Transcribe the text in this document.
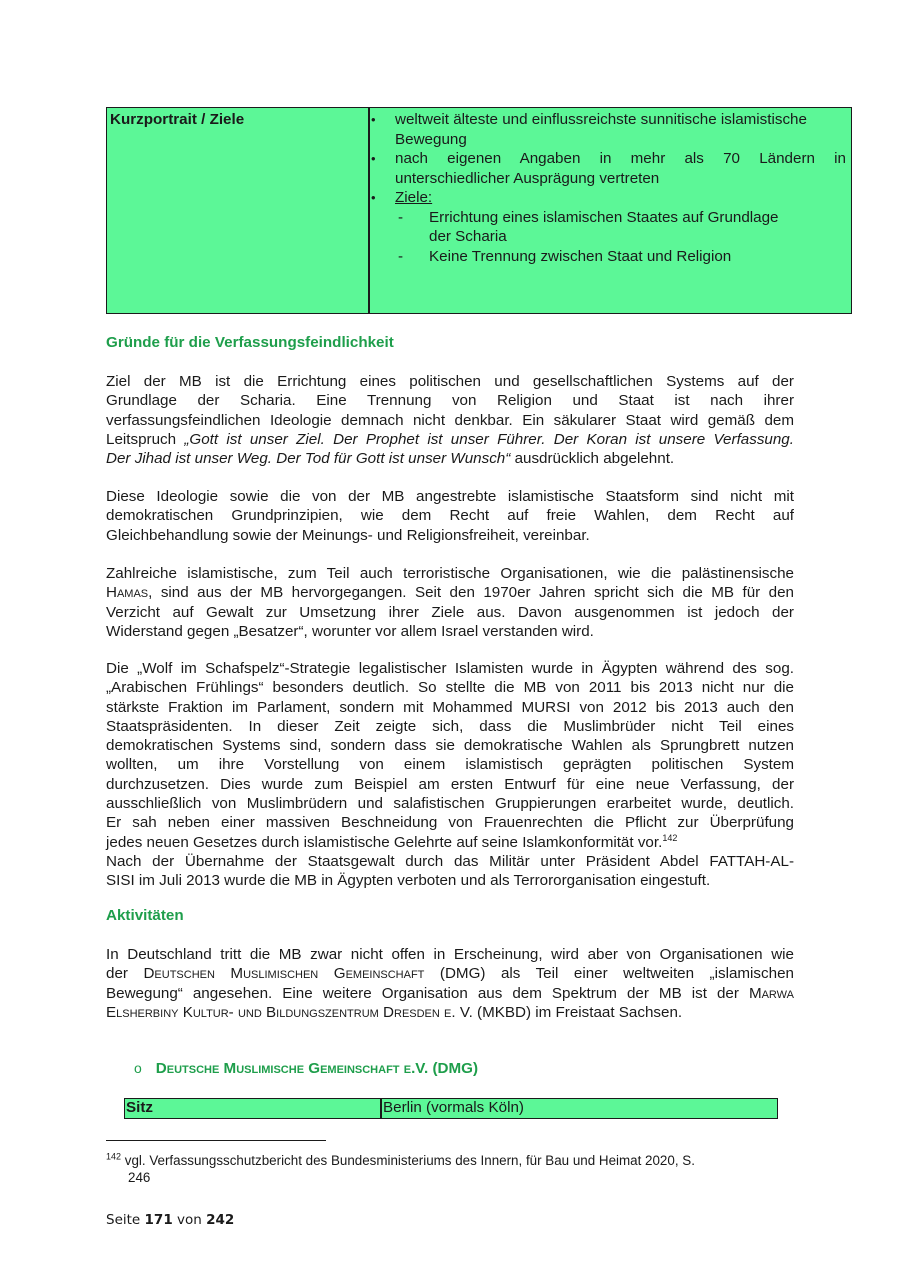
Kurzportrait / Ziele	• weltweit älteste und einflussreichste sunnitische islamistische
Bewegung
• nach eigenen Angaben in mehr als 70 Ländern in
unterschiedlicher Ausprägung vertreten
• Ziele:
- Errichtung eines islamischen Staates auf Grundlage
der Scharia
- Keine Trennung zwischen Staat und Religion
Gründe für die Verfassungsfeindlichkeit
Ziel der MB ist die Errichtung eines politischen und gesellschaftlichen Systems auf der
Grundlage der Scharia. Eine Trennung von Religion und Staat ist nach ihrer
verfassungsfeindlichen Ideologie demnach nicht denkbar. Ein säkularer Staat wird gemäß dem
Leitspruch „Gott ist unser Ziel. Der Prophet ist unser Führer. Der Koran ist unsere Verfassung.
Der Jihad ist unser Weg. Der Tod für Gott ist unser Wunsch“ ausdrücklich abgelehnt.
Diese Ideologie sowie die von der MB angestrebte islamistische Staatsform sind nicht mit
demokratischen Grundprinzipien, wie dem Recht auf freie Wahlen, dem Recht auf
Gleichbehandlung sowie der Meinungs- und Religionsfreiheit, vereinbar.
Zahlreiche islamistische, zum Teil auch terroristische Organisationen, wie die palästinensische
Hamas, sind aus der MB hervorgegangen. Seit den 1970er Jahren spricht sich die MB für den
Verzicht auf Gewalt zur Umsetzung ihrer Ziele aus. Davon ausgenommen ist jedoch der
Widerstand gegen „Besatzer“, worunter vor allem Israel verstanden wird.
Die „Wolf im Schafspelz“-Strategie legalistischer Islamisten wurde in Ägypten während des sog.
„Arabischen Frühlings“ besonders deutlich. So stellte die MB von 2011 bis 2013 nicht nur die
stärkste Fraktion im Parlament, sondern mit Mohammed MURSI von 2012 bis 2013 auch den
Staatspräsidenten. In dieser Zeit zeigte sich, dass die Muslimbrüder nicht Teil eines
demokratischen Systems sind, sondern dass sie demokratische Wahlen als Sprungbrett nutzen
wollten, um ihre Vorstellung von einem islamistisch geprägten politischen System
durchzusetzen. Dies wurde zum Beispiel am ersten Entwurf für eine neue Verfassung, der
ausschließlich von Muslimbrüdern und salafistischen Gruppierungen erarbeitet wurde, deutlich.
Er sah neben einer massiven Beschneidung von Frauenrechten die Pflicht zur Überprüfung
jedes neuen Gesetzes durch islamistische Gelehrte auf seine Islamkonformität vor.$^{142}$
Nach der Übernahme der Staatsgewalt durch das Militär unter Präsident Abdel FATTAH-AL-
SISI im Juli 2013 wurde die MB in Ägypten verboten und als Terrororganisation eingestuft.
Aktivitäten
In Deutschland tritt die MB zwar nicht offen in Erscheinung, wird aber von Organisationen wie
der Deutschen Muslimischen Gemeinschaft (DMG) als Teil einer weltweiten „islamischen
Bewegung“ angesehen. Eine weitere Organisation aus dem Spektrum der MB ist der Marwa
Elsherbiny Kultur- und Bildungszentrum Dresden e. V. (MKBD) im Freistaat Sachsen.
o Deutsche Muslimische Gemeinschaft e.V. (DMG)
Sitz	Berlin (vormals Köln)
$^{142}$ vgl. Verfassungsschutzbericht des Bundesministeriums des Innern, für Bau und Heimat 2020, S.
246
Seite 171 von 242
